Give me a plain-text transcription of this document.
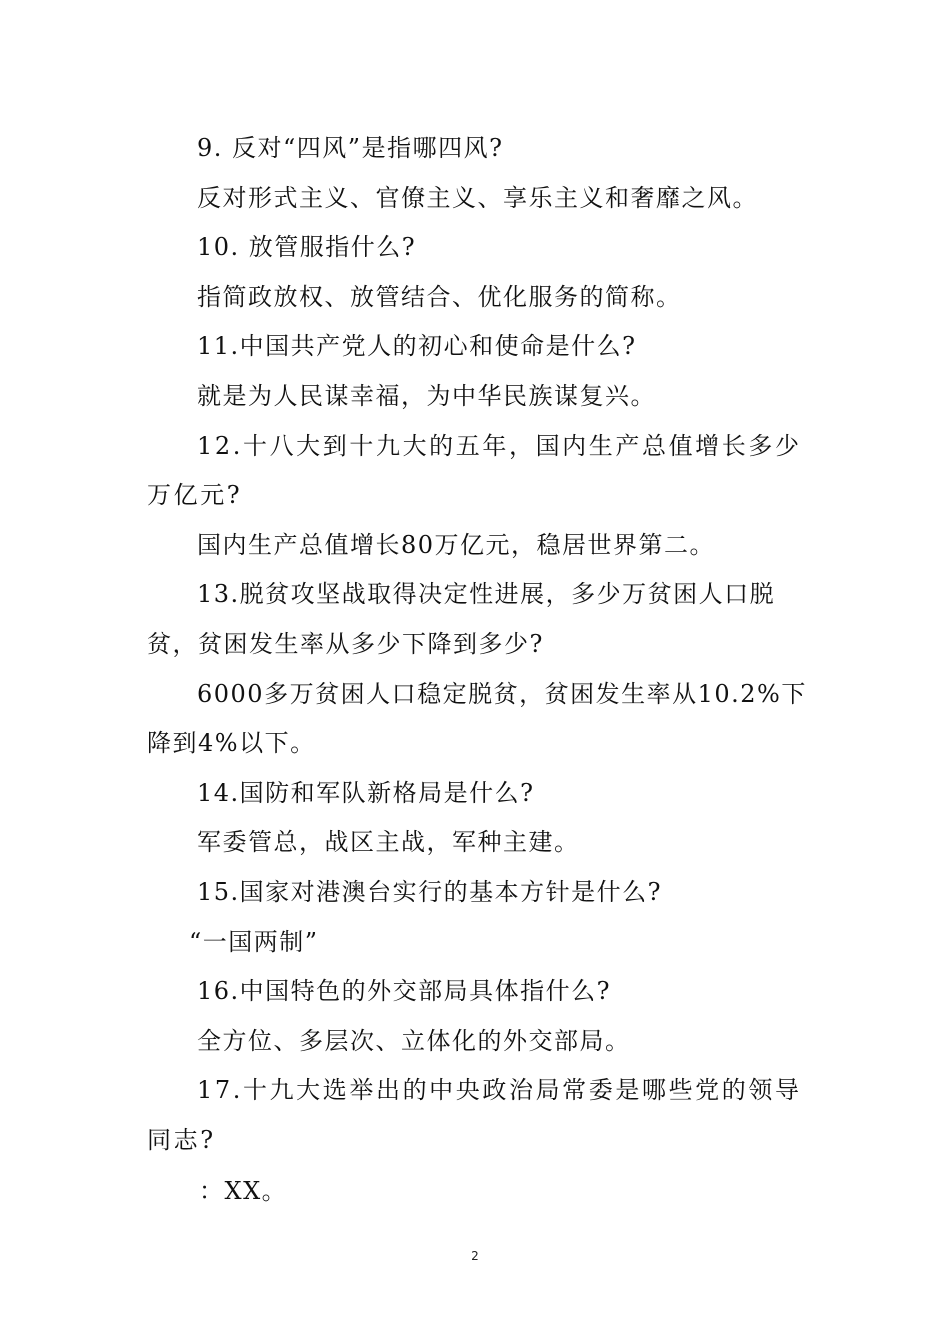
9. 反对“四风”是指哪四风?

反对形式主义、官僚主义、享乐主义和奢靡之风。

10. 放管服指什么?

指简政放权、放管结合、优化服务的简称。

11.中国共产党人的初心和使命是什么?

就是为人民谋幸福，为中华民族谋复兴。

12.十八大到十九大的五年，国内生产总值增长多少万亿元?

国内生产总值增长80万亿元，稳居世界第二。

13.脱贫攻坚战取得决定性进展，多少万贫困人口脱贫，贫困发生率从多少下降到多少?

6000多万贫困人口稳定脱贫，贫困发生率从10.2%下降到4%以下。

14.国防和军队新格局是什么?

军委管总，战区主战，军种主建。

15.国家对港澳台实行的基本方针是什么?

“一国两制”

16.中国特色的外交部局具体指什么?

全方位、多层次、立体化的外交部局。

17.十九大选举出的中央政治局常委是哪些党的领导同志?

：XX。

2
